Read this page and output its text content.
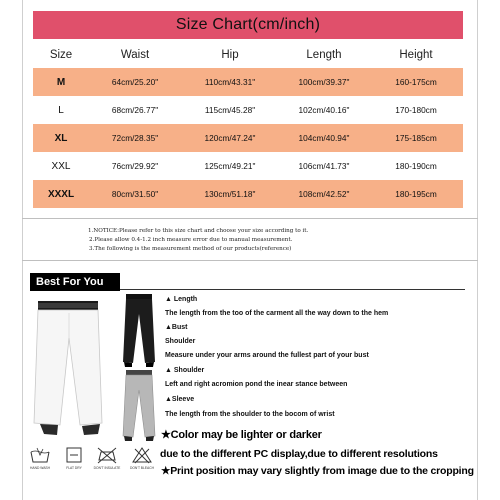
Size Chart(cm/inch)
Size	Waist	Hip	Length	Height
M	64cm/25.20"	110cm/43.31"	100cm/39.37"	160-175cm
L	68cm/26.77"	115cm/45.28"	102cm/40.16"	170-180cm
XL	72cm/28.35"	120cm/47.24"	104cm/40.94"	175-185cm
XXL	76cm/29.92"	125cm/49.21"	106cm/41.73"	180-190cm
XXXL	80cm/31.50"	130cm/51.18"	108cm/42.52"	180-195cm
1.NOTICE:Please refer to this size chart and choose your size according to it.
2.Please allow 0.4-1.2 inch measure error due to manual measurement.
3.The following is the measurement method of our products(reference)
Best For You
▲ Length
The length from the too of the carment all the way down to the hem
▲Bust
Shoulder
Measure under your arms around the fullest part of your bust
▲ Shoulder
Left and right acromion pond the inear stance between
▲Sleeve
The length from the shoulder to the bocom of wrist
★Color may be lighter or darker
due to the different PC display,due to different resolutions
★Print position may vary slightly from image due to the cropping
HAND WASH	FLAT DRY	DON'T INSULATE	DON'T BLEACH
